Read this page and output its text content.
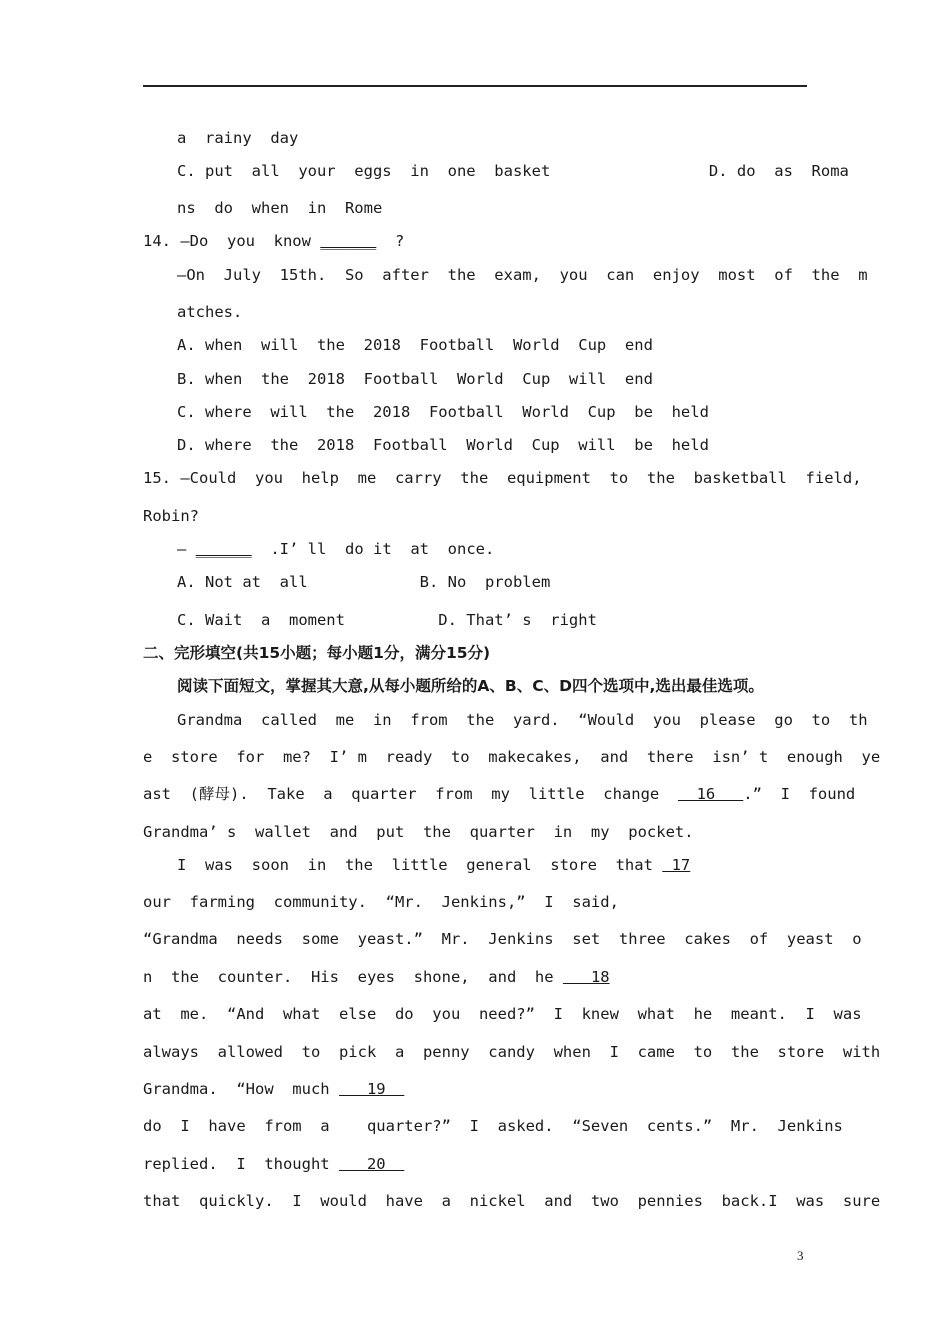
a  rainy  day
C. put  all  your  eggs  in  one  basket                 D. do  as  Roma
ns  do  when  in  Rome
14. —Do  you  know ______  ?
—On  July  15th.  So  after  the  exam,  you  can  enjoy  most  of  the  m
atches.
A. when  will  the  2018  Football  World  Cup  end
B. when  the  2018  Football  World  Cup  will  end
C. where  will  the  2018  Football  World  Cup  be  held
D. where  the  2018  Football  World  Cup  will  be  held
15. —Could  you  help  me  carry  the  equipment  to  the  basketball  field,
Robin?
— ______  .I’ ll  do it  at  once.
A. Not at  all            B. No  problem
C. Wait  a  moment          D. That’ s  right
二、完形填空(共15小题；每小题1分，满分15分)
阅读下面短文，掌握其大意,从每小题所给的A、B、C、D四个选项中,选出最佳选项。
Grandma  called  me  in  from  the  yard.  “Would  you  please  go  to  th
e  store  for  me?  I’ m  ready  to  makecakes,  and  there  isn’ t  enough  ye
ast  (酵母).  Take  a  quarter  from  my  little  change    16   .”  I  found
Grandma’ s  wallet  and  put  the  quarter  in  my  pocket.
I  was  soon  in  the  little  general  store  that  17
our  farming  community.  “Mr.  Jenkins,”  I  said,
“Grandma  needs  some  yeast.”  Mr.  Jenkins  set  three  cakes  of  yeast  o
n  the  counter.  His  eyes  shone,  and  he    18
at  me.  “And  what  else  do  you  need?”  I  knew  what  he  meant.  I  was
always  allowed  to  pick  a  penny  candy  when  I  came  to  the  store  with
Grandma.  “How  much    19
do  I  have  from  a    quarter?”  I  asked.  “Seven  cents.”  Mr.  Jenkins
replied.  I  thought    20
that  quickly.  I  would  have  a  nickel  and  two  pennies  back.I  was  sure
3
